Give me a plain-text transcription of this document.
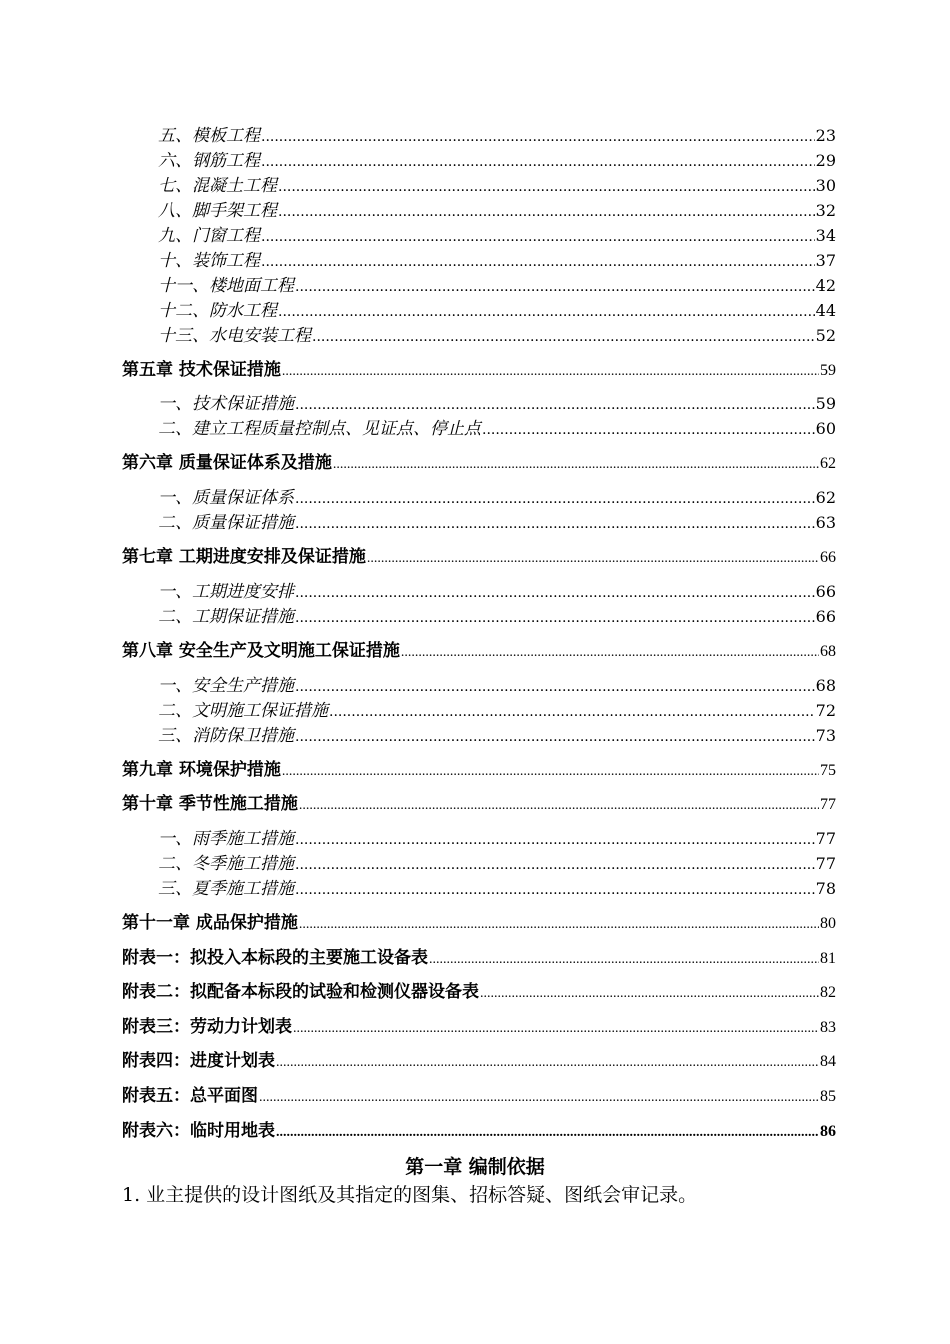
五、模板工程 .....	23
六、钢筋工程 .....	29
七、混凝土工程 .....	30
八、脚手架工程 .....	32
九、门窗工程 .....	34
十、装饰工程 .....	37
十一、楼地面工程 .....	42
十二、防水工程 .....	44
十三、水电安装工程 .....	52
第五章 技术保证措施 .....	59
一、技术保证措施 .....	59
二、建立工程质量控制点、见证点、停止点 .....	60
第六章 质量保证体系及措施 .....	62
一、质量保证体系 .....	62
二、质量保证措施 .....	63
第七章 工期进度安排及保证措施 .....	66
一、工期进度安排 .....	66
二、工期保证措施 .....	66
第八章 安全生产及文明施工保证措施 .....	68
一、安全生产措施 .....	68
二、文明施工保证措施 .....	72
三、消防保卫措施 .....	73
第九章 环境保护措施 .....	75
第十章 季节性施工措施 .....	77
一、雨季施工措施 .....	77
二、冬季施工措施 .....	77
三、夏季施工措施 .....	78
第十一章 成品保护措施 .....	80
附表一：拟投入本标段的主要施工设备表 .....	81
附表二：拟配备本标段的试验和检测仪器设备表 .....	82
附表三：劳动力计划表 .....	83
附表四：进度计划表 .....	84
附表五：总平面图 .....	85
附表六：临时用地表 .....	86
第一章 编制依据
1. 业主提供的设计图纸及其指定的图集、招标答疑、图纸会审记录。
